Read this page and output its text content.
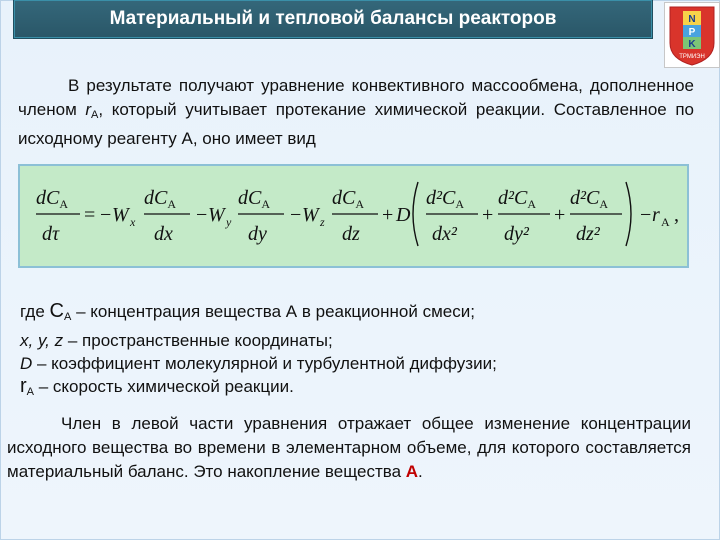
Материальный и тепловой балансы реакторов	N
P
K
ТРМИЭН
В результате получают уравнение конвективного массообмена, дополненное членом $r_A$, который учитывает протекание химической реакции. Составленное по исходному реагенту А, оно имеет вид
$dC_A$
dτ
= − W x
$dC_A$
dx
− W y
$dC_A$
dy
− W z
$dC_A$
dz
+ D
$d^2C_A$
dx²
+
$d^2C_A$
dy²
+
$d^2C_A$
dz²
− r A ,
где $C_A$ – концентрация вещества А в реакционной смеси;
x, y, z – пространственные координаты;
D – коэффициент молекулярной и турбулентной диффузии;
$r_A$ – скорость химической реакции.
Член в левой части уравнения отражает общее изменение концентрации исходного вещества во времени в элементарном объеме, для которого составляется материальный баланс. Это накопление вещества А.
